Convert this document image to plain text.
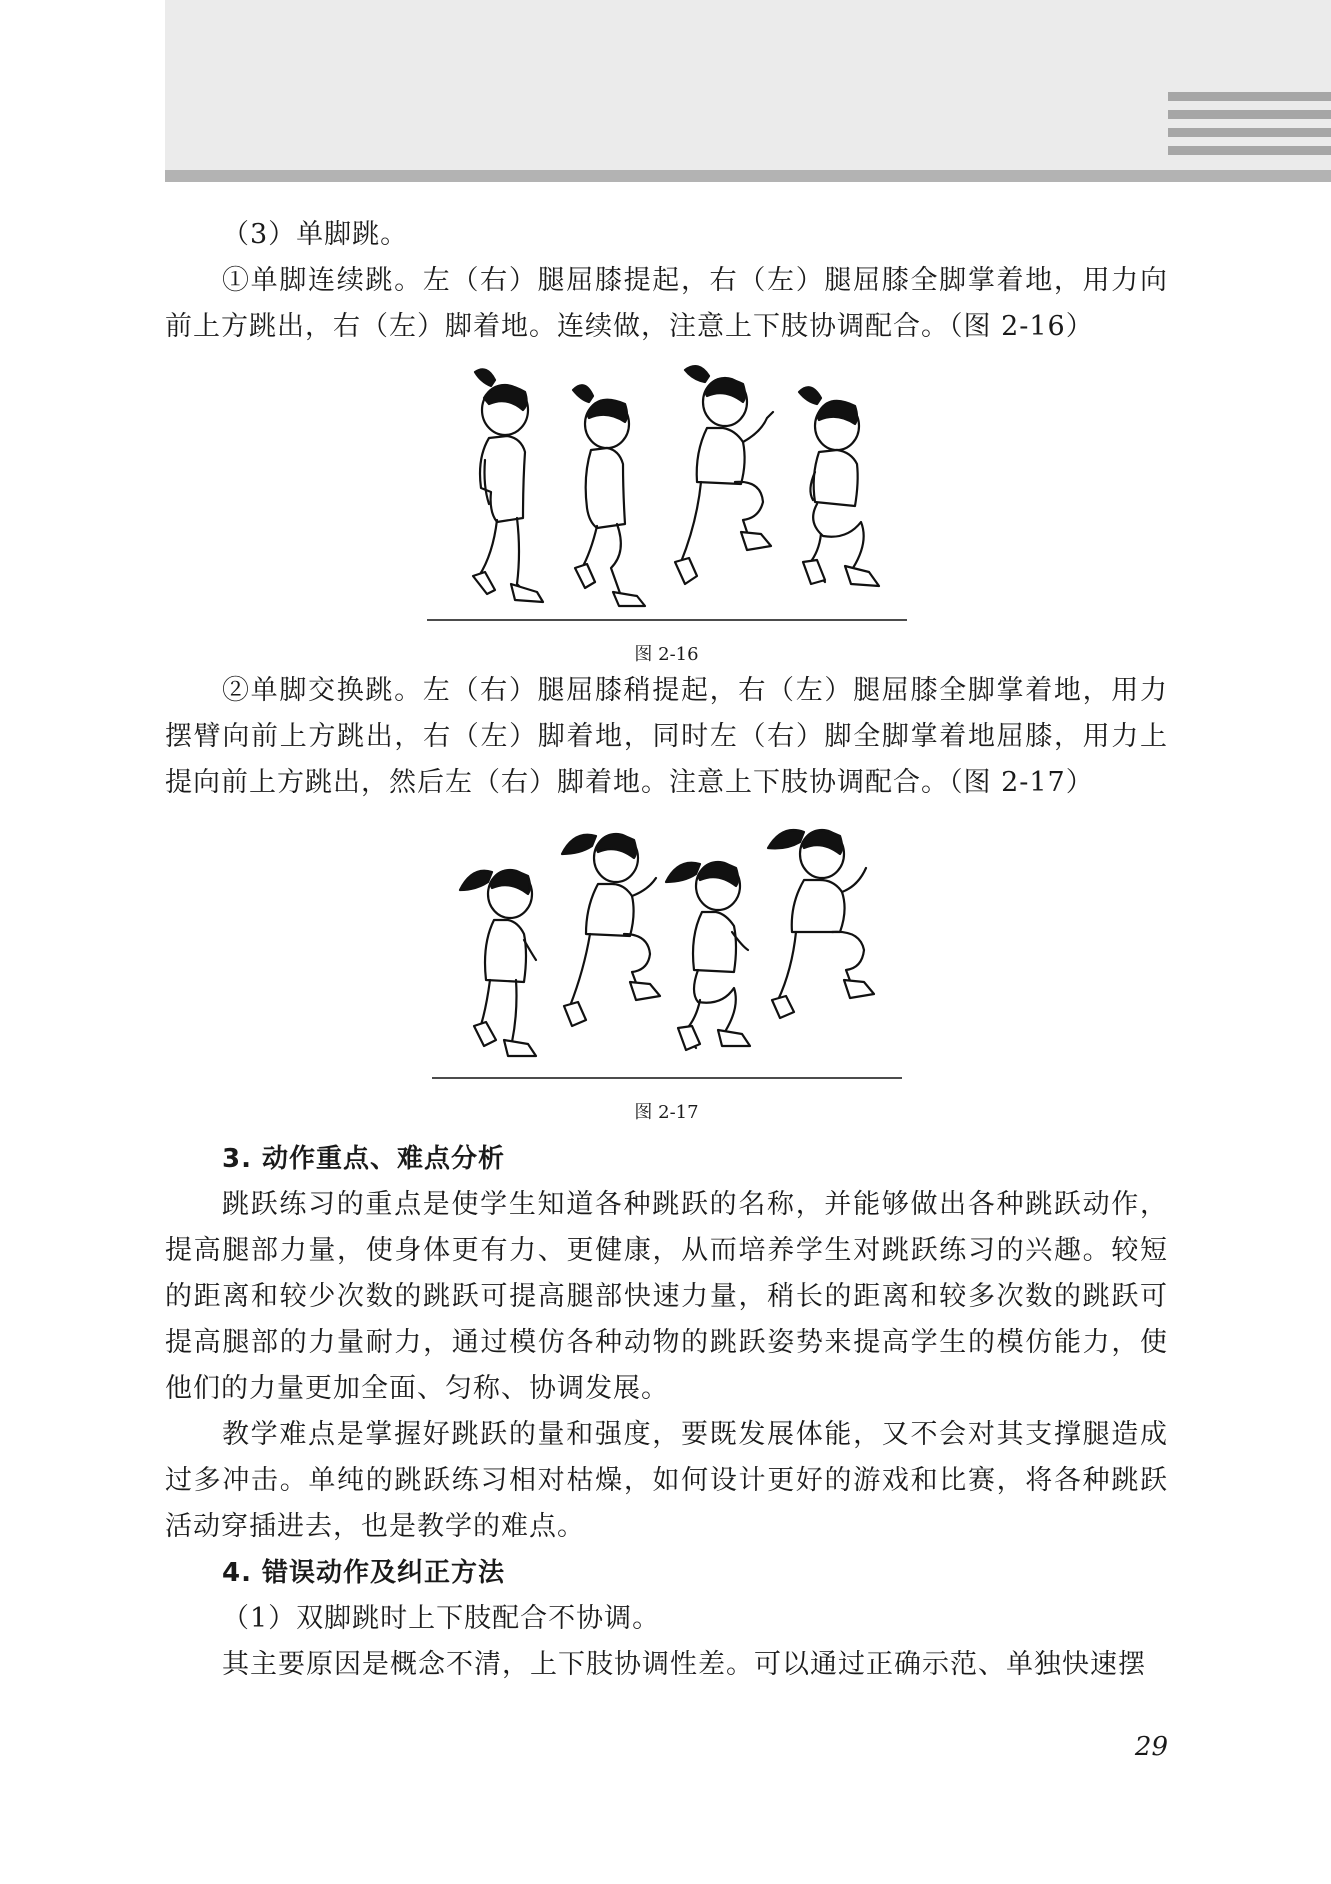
（3）单脚跳。

①单脚连续跳。左（右）腿屈膝提起，右（左）腿屈膝全脚掌着地，用力向前上方跳出，右（左）脚着地。连续做，注意上下肢协调配合。（图 2-16）

图 2-16

②单脚交换跳。左（右）腿屈膝稍提起，右（左）腿屈膝全脚掌着地，用力摆臂向前上方跳出，右（左）脚着地，同时左（右）脚全脚掌着地屈膝，用力上提向前上方跳出，然后左（右）脚着地。注意上下肢协调配合。（图 2-17）

图 2-17
3. 动作重点、难点分析

跳跃练习的重点是使学生知道各种跳跃的名称，并能够做出各种跳跃动作，提高腿部力量，使身体更有力、更健康，从而培养学生对跳跃练习的兴趣。较短的距离和较少次数的跳跃可提高腿部快速力量，稍长的距离和较多次数的跳跃可提高腿部的力量耐力，通过模仿各种动物的跳跃姿势来提高学生的模仿能力，使他们的力量更加全面、匀称、协调发展。

教学难点是掌握好跳跃的量和强度，要既发展体能，又不会对其支撑腿造成过多冲击。单纯的跳跃练习相对枯燥，如何设计更好的游戏和比赛，将各种跳跃活动穿插进去，也是教学的难点。

4. 错误动作及纠正方法

（1）双脚跳时上下肢配合不协调。

其主要原因是概念不清，上下肢协调性差。可以通过正确示范、单独快速摆

29
